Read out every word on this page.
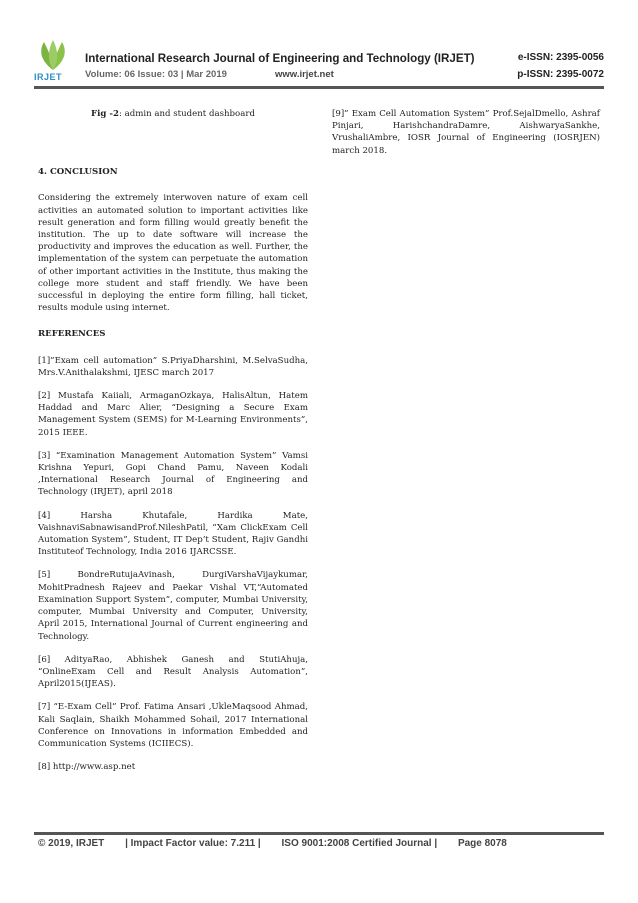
IRJET
International Research Journal of Engineering and Technology (IRJET)	e-ISSN: 2395-0056
Volume: 06 Issue: 03 | Mar 2019	www.irjet.net	p-ISSN: 2395-0072

Fig -2: admin and student dashboard

4. CONCLUSION

Considering the extremely interwoven nature of exam cell activities an automated solution to important activities like result generation and form filling would greatly benefit the institution. The up to date software will increase the productivity and improves the education as well. Further, the implementation of the system can perpetuate the automation of other important activities in the Institute, thus making the college more student and staff friendly. We have been successful in deploying the entire form filling, hall ticket, results module using internet.

REFERENCES

[1]”Exam cell automation” S.PriyaDharshini, M.SelvaSudha, Mrs.V.Anithalakshmi, IJESC march 2017

[2] Mustafa Kaiiali, ArmaganOzkaya, HalisAltun, Hatem Haddad and Marc Alier, “Designing a Secure Exam Management System (SEMS) for M-Learning Environments”, 2015 IEEE.

[3] “Examination Management Automation System” Vamsi Krishna Yepuri, Gopi Chand Pamu, Naveen Kodali ,International Research Journal of Engineering and Technology (IRJET), april 2018

[4] Harsha Khutafale, Hardika Mate, VaishnaviSabnawisandProf.NileshPatil, “Xam ClickExam Cell Automation System”, Student, IT Dep’t Student, Rajiv Gandhi Instituteof Technology, India 2016 IJARCSSE.

[5] BondreRutujaAvinash, DurgiVarshaVijaykumar, MohitPradnesh Rajeev and Paekar Vishal VT,“Automated Examination Support System”, computer, Mumbai University, computer, Mumbai University and Computer, University, April 2015, International Journal of Current engineering and Technology.

[6] AdityaRao, Abhishek Ganesh and StutiAhuja, “OnlineExam Cell and Result Analysis Automation”, April2015(IJEAS).

[7] “E-Exam Cell” Prof. Fatima Ansari ,UkleMaqsood Ahmad, Kali Saqlain, Shaikh Mohammed Sohail, 2017 International Conference on Innovations in information Embedded and Communication Systems (ICIIECS).

[8] http://www.asp.net

[9]” Exam Cell Automation System” Prof.SejalDmello, Ashraf Pinjari, HarishchandraDamre, AishwaryaSankhe, VrushaliAmbre, IOSR Journal of Engineering (IOSRJEN) march 2018.

© 2019, IRJET | Impact Factor value: 7.211 | ISO 9001:2008 Certified Journal | Page 8078
